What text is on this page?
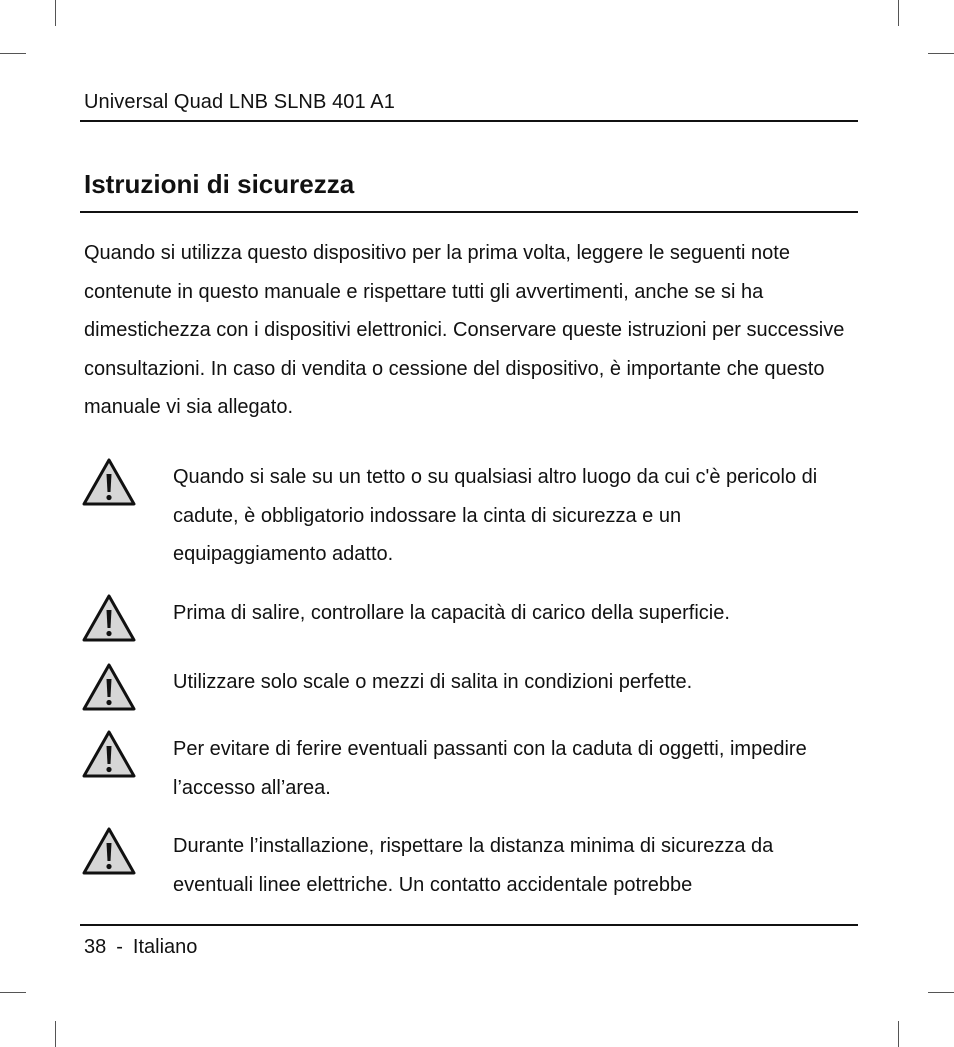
Universal Quad LNB SLNB 401 A1
Istruzioni di sicurezza

Quando si utilizza questo dispositivo per la prima volta, leggere le seguenti note contenute in questo manuale e rispettare tutti gli avvertimenti, anche se si ha dimestichezza con i dispositivi elettronici. Conservare queste istruzioni per successive consultazioni. In caso di vendita o cessione del dispositivo, è importante che questo manuale vi sia allegato.

Quando si sale su un tetto o su qualsiasi altro luogo da cui c'è pericolo di cadute, è obbligatorio indossare la cinta di sicurezza e un equipaggiamento adatto.

Prima di salire, controllare la capacità di carico della superficie.

Utilizzare solo scale o mezzi di salita in condizioni perfette.

Per evitare di ferire eventuali passanti con la caduta di oggetti, impedire l’accesso all’area.

Durante l’installazione, rispettare la distanza minima di sicurezza da eventuali linee elettriche. Un contatto accidentale potrebbe

38 - Italiano
